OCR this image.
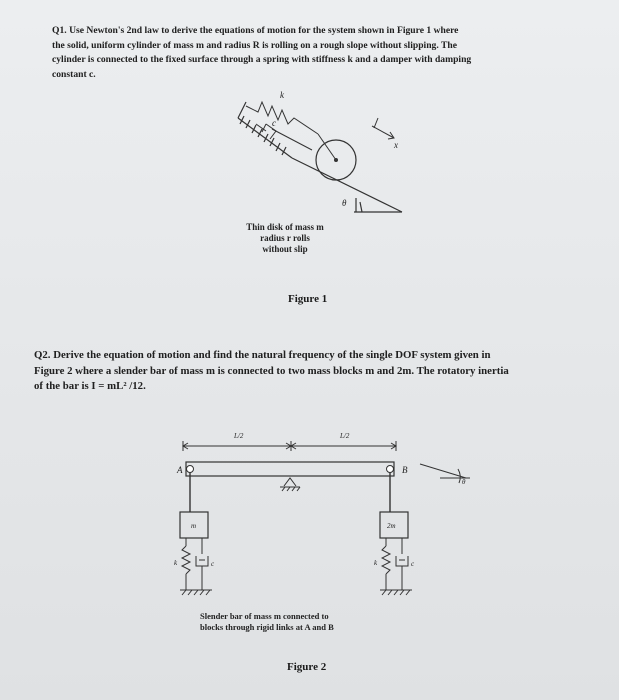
Q1. Use Newton's 2nd law to derive the equations of motion for the system shown in Figure 1 where
the solid, uniform cylinder of mass m and radius R is rolling on a rough slope without slipping. The
cylinder is connected to the fixed surface through a spring with stiffness k and a damper with damping
constant c.
k
c
x
θ
L/2	L/2
A	B
θ
m	2m
k	c	k	c
Thin disk of mass m
radius r rolls
without slip
Figure 1
Q2. Derive the equation of motion and find the natural frequency of the single DOF system given in
Figure 2 where a slender bar of mass m is connected to two mass blocks m and 2m. The rotatory inertia
of the bar is I = mL² /12.
Slender bar of mass m connected to
blocks through rigid links at A and B
Figure 2
